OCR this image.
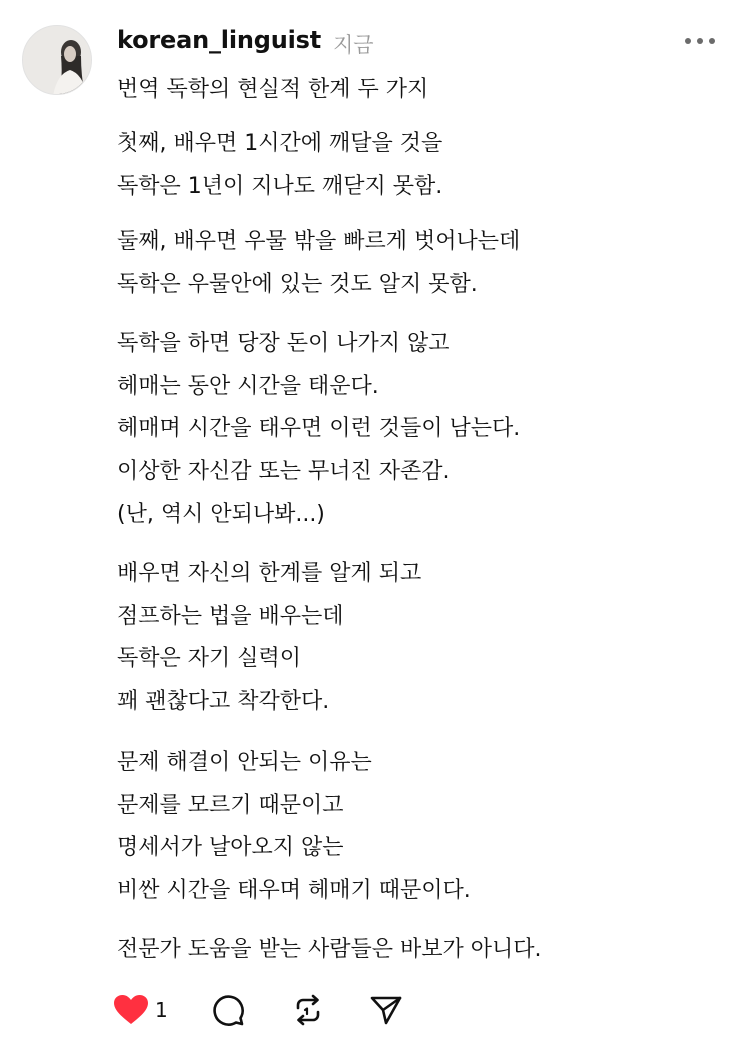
korean_linguist 지금
번역 독학의 현실적 한계 두 가지
첫째, 배우면 1시간에 깨달을 것을
독학은 1년이 지나도 깨닫지 못함.
둘째, 배우면 우물 밖을 빠르게 벗어나는데
독학은 우물안에 있는 것도 알지 못함.
독학을 하면 당장 돈이 나가지 않고
헤매는 동안 시간을 태운다.
헤매며 시간을 태우면 이런 것들이 남는다.
이상한 자신감 또는 무너진 자존감.
(난, 역시 안되나봐...)
배우면 자신의 한계를 알게 되고
점프하는 법을 배우는데
독학은 자기 실력이
꽤 괜찮다고 착각한다.
문제 해결이 안되는 이유는
문제를 모르기 때문이고
명세서가 날아오지 않는
비싼 시간을 태우며 헤매기 때문이다.
전문가 도움을 받는 사람들은 바보가 아니다.
1
